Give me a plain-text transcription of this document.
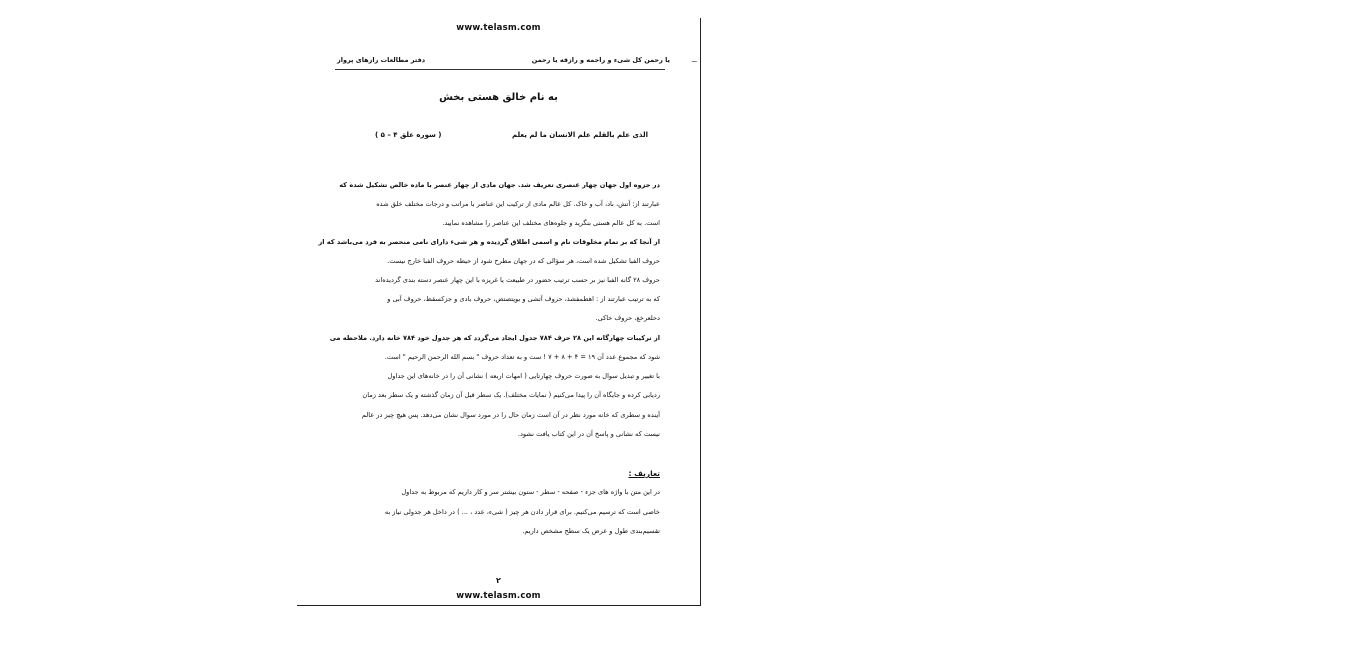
www.telasm.com
~
یا رحمن کل شیء و راحمه و رازقه یا رحمن
دفتر مطالعات رازهای پرواز
به نام خالق هستی بخش
الذی علم بالقلم علم الانسان ما لم یعلم
( سوره علق ۴ – ۵ )
در جزوه اول جهان چهار عنصری تعریف شد. جهان مادی از چهار عنصر با ماده خالص تشکیل شده که
عبارتند از: آتش، باد، آب و خاک. کل عالم مادی از ترکیب این عناصر با مراتب و درجات مختلف خلق شده
است. به کل عالم هستی بنگرید و جلوه‌های مختلف این عناصر را مشاهده نمایید.
از آنجا که بر تمام مخلوقات نام و اسمی اطلاق گردیده و هر شیء دارای نامی منحصر به فرد می‌باشد که از
حروف الفبا تشکیل شده است، هر سؤالی که در جهان مطرح شود از حیطه حروف الفبا خارج نیست.
حروف ۲۸ گانه الفبا نیز بر حسب ترتیب حضور در طبیعت یا غریزه با این چهار عنصر دسته بندی گردیده‌اند
که به ترتیب عبارتند از : اهطمفشذ، حروف آتشی و بویتصتض، حروف بادی و جزکسقظ، حروف آبی و
دحلعرخغ، حروف خاکی.
از ترکیبات چهارگانه این ۲۸ حرف ۷۸۴ جدول ایجاد می‌گردد که هر جدول خود ۷۸۴ خانه دارد. ملاحظه می‌
شود که مجموع عدد آن ۱۹ = ۴ + ۸ + ۷ ! ست و به تعداد حروف " بسم الله الرحمن الرحیم " است.
با تغییر و تبدیل سوال به صورت حروف چهارتایی ( امهات اربعه ) نشانی آن را در خانه‌های این جداول
ردیابی کرده و جایگاه آن را پیدا می‌کنیم ( نمایات مختلف). یک سطر قبل آن زمان گذشته و یک سطر بعد زمان
آینده و سطری که خانه مورد نظر در آن است زمان حال را در مورد سوال نشان می‌دهد. پس هیچ چیز در عالم
نیست که نشانی و پاسخ آن در این کتاب یافت نشود.
تعاریف :
در این متن با واژه های جزء - صفحه - سطر - ستون بیشتر سر و کار داریم که مربوط به جداول
خاصی است که ترسیم می‌کنیم. برای قرار دادن هر چیز ( شیء، عدد ، ... ) در داخل هر جدولی نیاز به
تقسیم‌بندی طول و عرض یک سطح مشخص داریم.
۲
www.telasm.com
